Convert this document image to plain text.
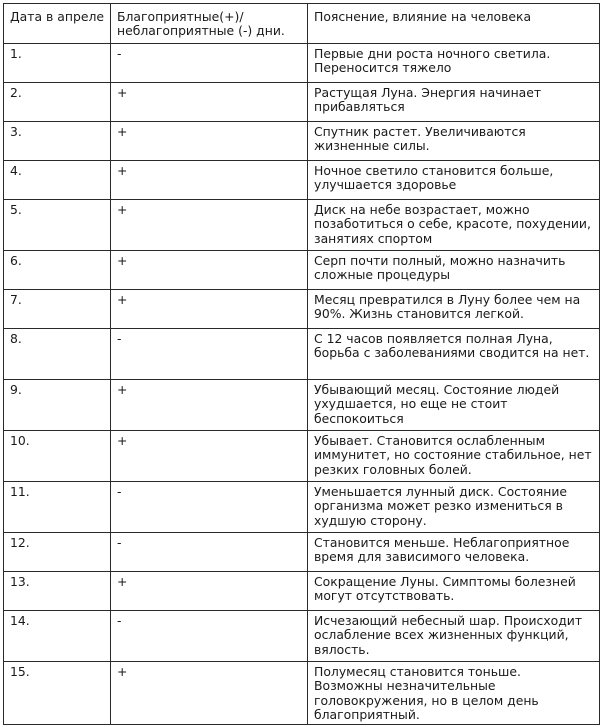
Дата в апреле	Благоприятные(+)/ неблагоприятные (-) дни.	Пояснение, влияние на человека
1.	-	Первые дни роста ночного светила. Переносится тяжело
2.	+	Растущая Луна. Энергия начинает прибавляться
3.	+	Спутник растет. Увеличиваются жизненные силы.
4.	+	Ночное светило становится больше, улучшается здоровье
5.	+	Диск на небе возрастает, можно позаботиться о себе, красоте, похудении, занятиях спортом
6.	+	Серп почти полный, можно назначить сложные процедуры
7.	+	Месяц превратился в Луну более чем на 90%. Жизнь становится легкой.
8.	-	С 12 часов появляется полная Луна, борьба с заболеваниями сводится на нет.
9.	+	Убывающий месяц. Состояние людей ухудшается, но еще не стоит беспокоиться
10.	+	Убывает. Становится ослабленным иммунитет, но состояние стабильное, нет резких головных болей.
11.	-	Уменьшается лунный диск. Состояние организма может резко измениться в худшую сторону.
12.	-	Становится меньше. Неблагоприятное время для зависимого человека.
13.	+	Сокращение Луны. Симптомы болезней могут отсутствовать.
14.	-	Исчезающий небесный шар. Происходит ослабление всех жизненных функций, вялость.
15.	+	Полумесяц становится тоньше. Возможны незначительные головокружения, но в целом день благоприятный.
